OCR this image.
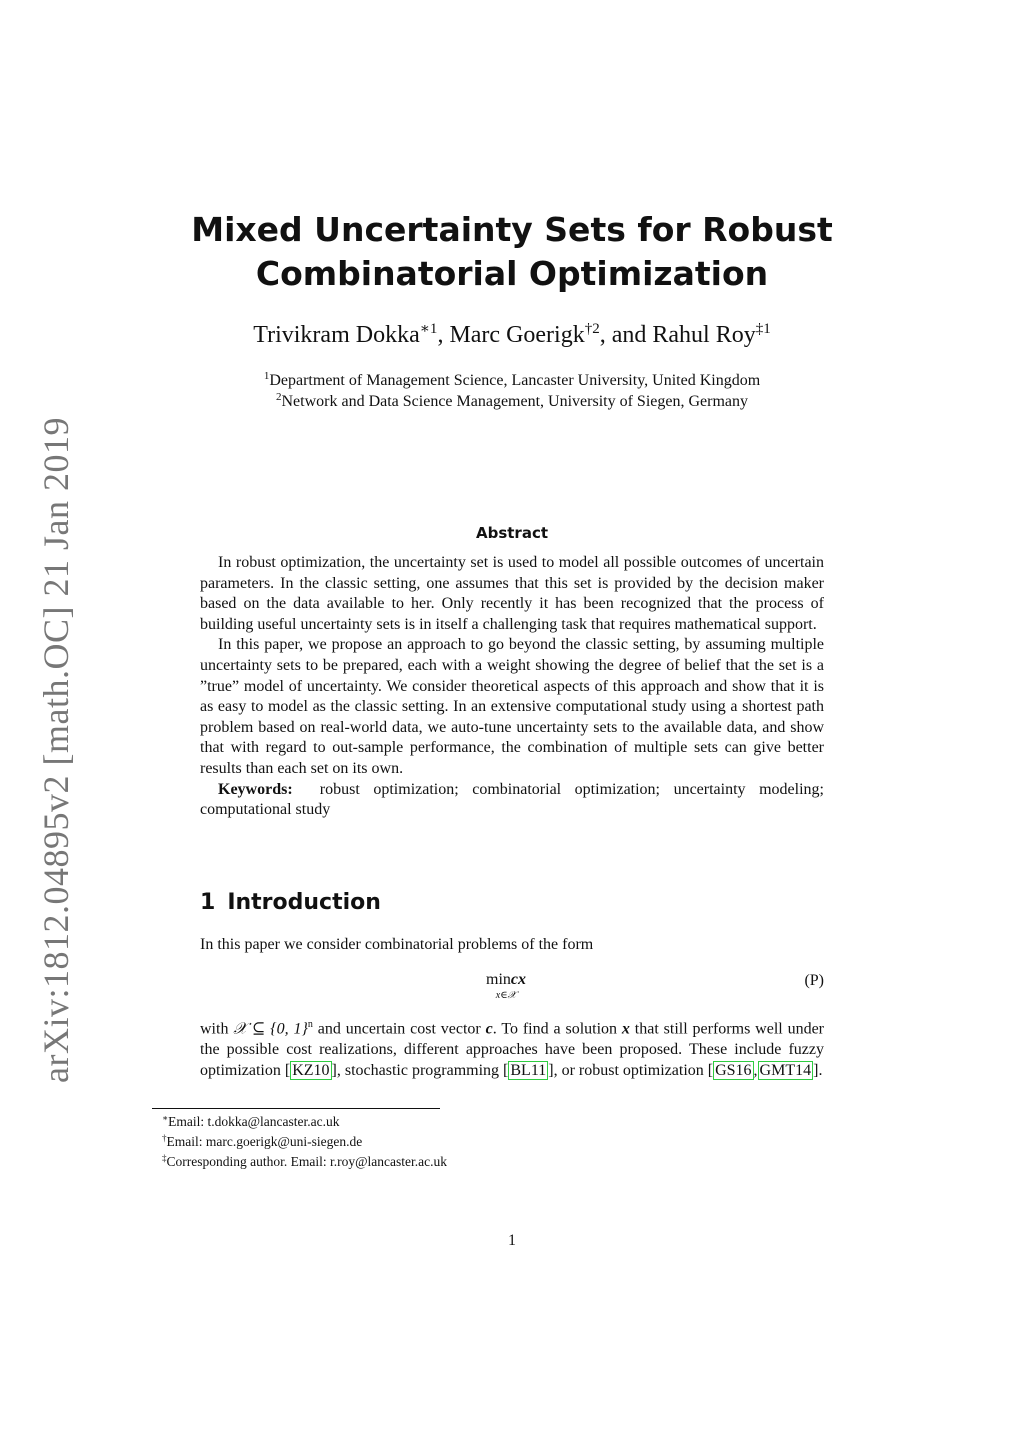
arXiv:1812.04895v2 [math.OC] 21 Jan 2019
Mixed Uncertainty Sets for Robust
Combinatorial Optimization
Trivikram Dokka$^{∗1}$, Marc Goerigk$^{\dagger 2}$, and Rahul Roy$^{\ddagger 1}$
$^1$Department of Management Science, Lancaster University, United Kingdom
$^2$Network and Data Science Management, University of Siegen, Germany
Abstract

In robust optimization, the uncertainty set is used to model all possible outcomes of uncertain parameters. In the classic setting, one assumes that this set is provided by the decision maker based on the data available to her. Only recently it has been recognized that the process of building useful uncertainty sets is in itself a challenging task that requires mathematical support.

In this paper, we propose an approach to go beyond the classic setting, by assuming multiple uncertainty sets to be prepared, each with a weight showing the degree of belief that the set is a ”true” model of uncertainty. We consider theoretical aspects of this approach and show that it is as easy to model as the classic setting. In an extensive computational study using a shortest path problem based on real-world data, we auto-tune uncertainty sets to the available data, and show that with regard to out-sample performance, the combination of multiple sets can give better results than each set on its own.

Keywords: robust optimization; combinatorial optimization; uncertainty modeling; computational study

1 Introduction
In this paper we consider combinatorial problems of the form
mincx
x∈𝒳
(P)
with 𝒳 ⊆ {0, 1}$^n$ and uncertain cost vector c. To find a solution x that still performs well under the possible cost realizations, different approaches have been proposed. These include fuzzy optimization [ KZ10 ], stochastic programming [ BL11 ], or robust optimization [ GS16 , GMT14 ].
∗Email: t.dokka@lancaster.ac.uk
†Email: marc.goerigk@uni-siegen.de
‡Corresponding author. Email: r.roy@lancaster.ac.uk
1
